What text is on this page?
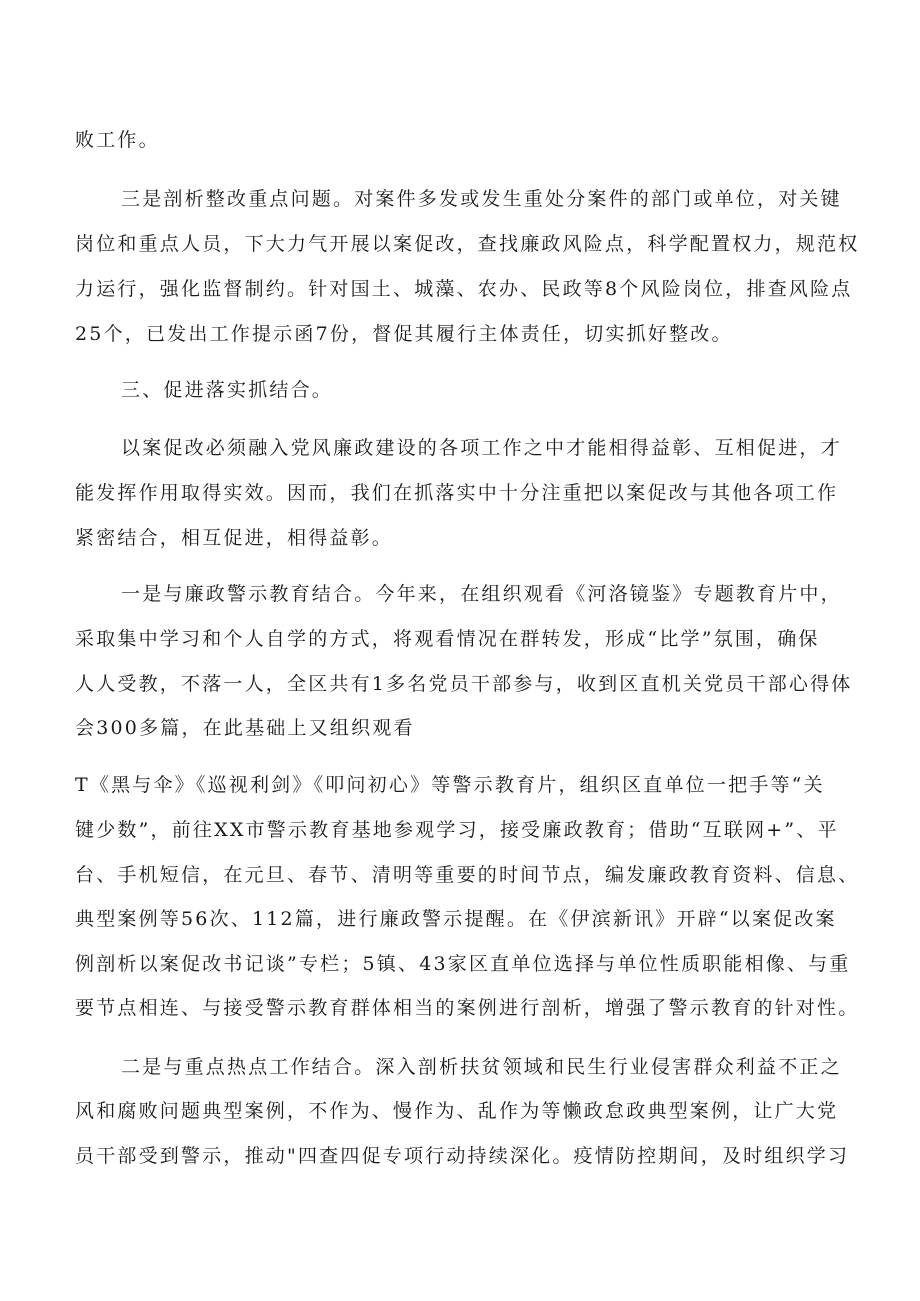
败工作。
三是剖析整改重点问题。对案件多发或发生重处分案件的部门或单位，对关键
岗位和重点人员，下大力气开展以案促改，查找廉政风险点，科学配置权力，规范权
力运行，强化监督制约。针对国土、城藻、农办、民政等8个风险岗位，排查风险点
25个，已发出工作提示函7份，督促其履行主体责任，切实抓好整改。
三、促进落实抓结合。
以案促改必须融入党风廉政建设的各项工作之中才能相得益彰、互相促进，才
能发挥作用取得实效。因而，我们在抓落实中十分注重把以案促改与其他各项工作
紧密结合，相互促进，相得益彰。
一是与廉政警示教育结合。今年来，在组织观看《河洛镜鉴》专题教育片中，
采取集中学习和个人自学的方式，将观看情况在群转发，形成“比学”氛围，确保
人人受教，不落一人，全区共有1多名党员干部参与，收到区直机关党员干部心得体
会300多篇，在此基础上又组织观看
T《黑与伞》《巡视利剑》《叩问初心》等警示教育片，组织区直单位一把手等“关
键少数”，前往XX市警示教育基地参观学习，接受廉政教育；借助“互联网+”、平
台、手机短信，在元旦、春节、清明等重要的时间节点，编发廉政教育资料、信息、
典型案例等56次、112篇，进行廉政警示提醒。在《伊滨新讯》开辟“以案促改案
例剖析以案促改书记谈”专栏；5镇、43家区直单位选择与单位性质职能相像、与重
要节点相连、与接受警示教育群体相当的案例进行剖析，增强了警示教育的针对性。
二是与重点热点工作结合。深入剖析扶贫领域和民生行业侵害群众利益不正之
风和腐败问题典型案例，不作为、慢作为、乱作为等懒政怠政典型案例，让广大党
员干部受到警示，推动"四查四促专项行动持续深化。疫情防控期间，及时组织学习
